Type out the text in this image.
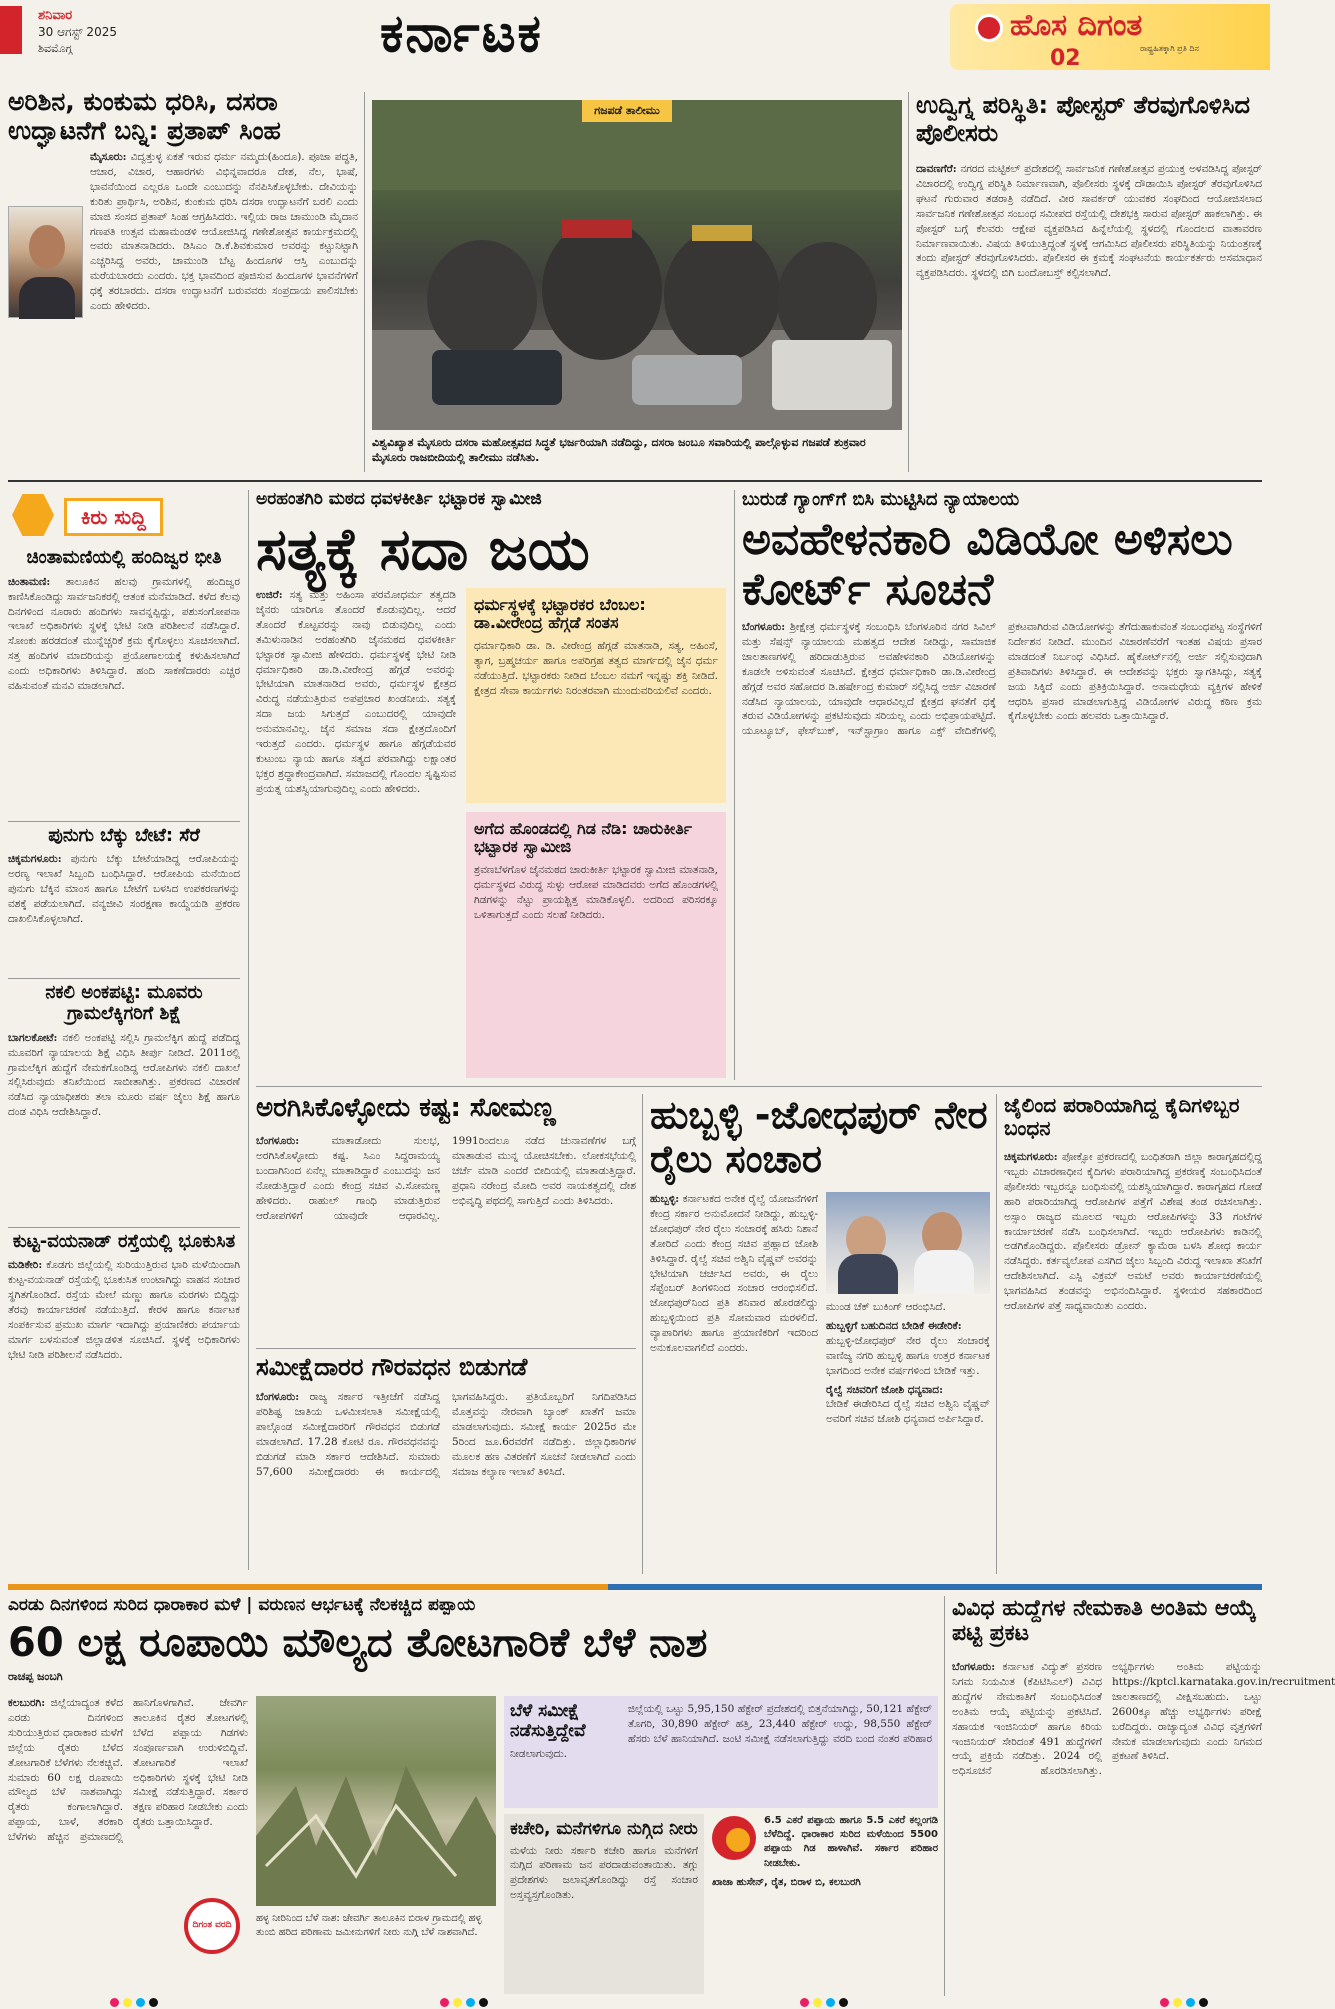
ಶನಿವಾರ
30 ಆಗಸ್ಟ್ 2025
ಶಿವಮೊಗ್ಗ	ಕರ್ನಾಟಕ	ಹೊಸ ದಿಗಂತ
ರಾಷ್ಟ್ರಹಿತಕ್ಕಾಗಿ ಪ್ರತಿ ದಿನ
02
ಅರಿಶಿನ, ಕುಂಕುಮ ಧರಿಸಿ, ದಸರಾ ಉದ್ಘಾಟನೆಗೆ ಬನ್ನಿ: ಪ್ರತಾಪ್ ಸಿಂಹ
ಮೈಸೂರು: ವಿದ್ವತ್ತುಳ್ಳ ಏಕತೆ ಇರುವ ಧರ್ಮ ನಮ್ಮದು(ಹಿಂದೂ). ಪೂಜಾ ಪದ್ಧತಿ, ಆಚಾರ, ವಿಚಾರ, ಆಹಾರಗಳು ವಿಭಿನ್ನವಾದರೂ ದೇಶ, ನೆಲ, ಭಾಷೆ, ಭಾವನೆಯಿಂದ ಎಲ್ಲರೂ ಒಂದೇ ಎಂಬುದನ್ನು ನೆನಪಿಸಿಕೊಳ್ಳಬೇಕು. ದೇವಿಯನ್ನು ಕುರಿತು ಪ್ರಾರ್ಥಿಸಿ, ಅರಿಶಿನ, ಕುಂಕುಮ ಧರಿಸಿ ದಸರಾ ಉದ್ಘಾಟನೆಗೆ ಬರಲಿ ಎಂದು ಮಾಜಿ ಸಂಸದ ಪ್ರತಾಪ್ ಸಿಂಹ ಆಗ್ರಹಿಸಿದರು. ಇಲ್ಲಿಯ ರಾಜ ಚಾಮುಂಡಿ ಮೈದಾನ ಗಣಪತಿ ಉತ್ಸವ ಮಹಾಮಂಡಳಿ ಆಯೋಜಿಸಿದ್ದ ಗಣೇಶೋತ್ಸವ ಕಾರ್ಯಕ್ರಮದಲ್ಲಿ ಅವರು ಮಾತನಾಡಿದರು. ಡಿಸಿಎಂ ಡಿ.ಕೆ.ಶಿವಕುಮಾರ ಅವರನ್ನು ಕಟ್ಟುನಿಟ್ಟಾಗಿ ಎಚ್ಚರಿಸಿದ್ದ ಅವರು, ಚಾಮುಂಡಿ ಬೆಟ್ಟ ಹಿಂದೂಗಳ ಆಸ್ತಿ ಎಂಬುದನ್ನು ಮರೆಯಬಾರದು ಎಂದರು. ಭಕ್ತ ಭಾವದಿಂದ ಪೂಜಿಸುವ ಹಿಂದೂಗಳ ಭಾವನೆಗಳಿಗೆ ಧಕ್ಕೆ ತರಬಾರದು. ದಸರಾ ಉದ್ಘಾಟನೆಗೆ ಬರುವವರು ಸಂಪ್ರದಾಯ ಪಾಲಿಸಬೇಕು ಎಂದು ಹೇಳಿದರು.
ಗಜಪಡೆ ತಾಲೀಮು
ವಿಶ್ವವಿಖ್ಯಾತ ಮೈಸೂರು ದಸರಾ ಮಹೋತ್ಸವದ ಸಿದ್ಧತೆ ಭರ್ಜರಿಯಾಗಿ ನಡೆದಿದ್ದು, ದಸರಾ ಜಂಬೂ ಸವಾರಿಯಲ್ಲಿ ಪಾಲ್ಗೊಳ್ಳುವ ಗಜಪಡೆ ಶುಕ್ರವಾರ ಮೈಸೂರು ರಾಜಬೀದಿಯಲ್ಲಿ ತಾಲೀಮು ನಡೆಸಿತು.
ಉದ್ವಿಗ್ನ ಪರಿಸ್ಥಿತಿ: ಪೋಸ್ಟರ್ ತೆರವುಗೊಳಿಸಿದ ಪೊಲೀಸರು
ದಾವಣಗೆರೆ: ನಗರದ ಮಟ್ಟಿಕಲ್ ಪ್ರದೇಶದಲ್ಲಿ ಸಾರ್ವಜನಿಕ ಗಣೇಶೋತ್ಸವ ಪ್ರಯುಕ್ತ ಅಳವಡಿಸಿದ್ದ ಪೋಸ್ಟರ್ ವಿಚಾರದಲ್ಲಿ ಉದ್ವಿಗ್ನ ಪರಿಸ್ಥಿತಿ ನಿರ್ಮಾಣವಾಗಿ, ಪೊಲೀಸರು ಸ್ಥಳಕ್ಕೆ ದೌಡಾಯಿಸಿ ಪೋಸ್ಟರ್ ತೆರವುಗೊಳಿಸಿದ ಘಟನೆ ಗುರುವಾರ ತಡರಾತ್ರಿ ನಡೆದಿದೆ. ವೀರ ಸಾವರ್ಕರ್ ಯುವಕರ ಸಂಘದಿಂದ ಆಯೋಜಿಸಲಾದ ಸಾರ್ವಜನಿಕ ಗಣೇಶೋತ್ಸವ ಸಂಬಂಧ ಸಮೀಪದ ರಸ್ತೆಯಲ್ಲಿ ದೇಶಭಕ್ತಿ ಸಾರುವ ಪೋಸ್ಟರ್ ಹಾಕಲಾಗಿತ್ತು. ಈ ಪೋಸ್ಟರ್ ಬಗ್ಗೆ ಕೆಲವರು ಆಕ್ಷೇಪ ವ್ಯಕ್ತಪಡಿಸಿದ ಹಿನ್ನೆಲೆಯಲ್ಲಿ ಸ್ಥಳದಲ್ಲಿ ಗೊಂದಲದ ವಾತಾವರಣ ನಿರ್ಮಾಣವಾಯಿತು. ವಿಷಯ ತಿಳಿಯುತ್ತಿದ್ದಂತೆ ಸ್ಥಳಕ್ಕೆ ಆಗಮಿಸಿದ ಪೊಲೀಸರು ಪರಿಸ್ಥಿತಿಯನ್ನು ನಿಯಂತ್ರಣಕ್ಕೆ ತಂದು ಪೋಸ್ಟರ್ ತೆರವುಗೊಳಿಸಿದರು. ಪೊಲೀಸರ ಈ ಕ್ರಮಕ್ಕೆ ಸಂಘಟನೆಯ ಕಾರ್ಯಕರ್ತರು ಅಸಮಾಧಾನ ವ್ಯಕ್ತಪಡಿಸಿದರು. ಸ್ಥಳದಲ್ಲಿ ಬಿಗಿ ಬಂದೋಬಸ್ತ್ ಕಲ್ಪಿಸಲಾಗಿದೆ.
ಕಿರು ಸುದ್ದಿ
ಚಿಂತಾಮಣಿಯಲ್ಲಿ ಹಂದಿಜ್ವರ ಭೀತಿ
ಚಿಂತಾಮಣಿ: ತಾಲೂಕಿನ ಹಲವು ಗ್ರಾಮಗಳಲ್ಲಿ ಹಂದಿಜ್ವರ ಕಾಣಿಸಿಕೊಂಡಿದ್ದು ಸಾರ್ವಜನಿಕರಲ್ಲಿ ಆತಂಕ ಮನೆಮಾಡಿದೆ. ಕಳೆದ ಕೆಲವು ದಿನಗಳಿಂದ ನೂರಾರು ಹಂದಿಗಳು ಸಾವನ್ನಪ್ಪಿದ್ದು, ಪಶುಸಂಗೋಪನಾ ಇಲಾಖೆ ಅಧಿಕಾರಿಗಳು ಸ್ಥಳಕ್ಕೆ ಭೇಟಿ ನೀಡಿ ಪರಿಶೀಲನೆ ನಡೆಸಿದ್ದಾರೆ. ಸೋಂಕು ಹರಡದಂತೆ ಮುನ್ನೆಚ್ಚರಿಕೆ ಕ್ರಮ ಕೈಗೊಳ್ಳಲು ಸೂಚಿಸಲಾಗಿದೆ. ಸತ್ತ ಹಂದಿಗಳ ಮಾದರಿಯನ್ನು ಪ್ರಯೋಗಾಲಯಕ್ಕೆ ಕಳುಹಿಸಲಾಗಿದೆ ಎಂದು ಅಧಿಕಾರಿಗಳು ತಿಳಿಸಿದ್ದಾರೆ. ಹಂದಿ ಸಾಕಣೆದಾರರು ಎಚ್ಚರ ವಹಿಸುವಂತೆ ಮನವಿ ಮಾಡಲಾಗಿದೆ.
ಪುನುಗು ಬೆಕ್ಕು ಬೇಟೆ: ಸೆರೆ
ಚಿಕ್ಕಮಗಳೂರು: ಪುನುಗು ಬೆಕ್ಕು ಬೇಟೆಯಾಡಿದ್ದ ಆರೋಪಿಯನ್ನು ಅರಣ್ಯ ಇಲಾಖೆ ಸಿಬ್ಬಂದಿ ಬಂಧಿಸಿದ್ದಾರೆ. ಆರೋಪಿಯ ಮನೆಯಿಂದ ಪುನುಗು ಬೆಕ್ಕಿನ ಮಾಂಸ ಹಾಗೂ ಬೇಟೆಗೆ ಬಳಸಿದ ಉಪಕರಣಗಳನ್ನು ವಶಕ್ಕೆ ಪಡೆಯಲಾಗಿದೆ. ವನ್ಯಜೀವಿ ಸಂರಕ್ಷಣಾ ಕಾಯ್ದೆಯಡಿ ಪ್ರಕರಣ ದಾಖಲಿಸಿಕೊಳ್ಳಲಾಗಿದೆ.
ನಕಲಿ ಅಂಕಪಟ್ಟಿ: ಮೂವರು ಗ್ರಾಮಲೆಕ್ಕಿಗರಿಗೆ ಶಿಕ್ಷೆ
ಬಾಗಲಕೋಟೆ: ನಕಲಿ ಅಂಕಪಟ್ಟಿ ಸಲ್ಲಿಸಿ ಗ್ರಾಮಲೆಕ್ಕಿಗ ಹುದ್ದೆ ಪಡೆದಿದ್ದ ಮೂವರಿಗೆ ನ್ಯಾಯಾಲಯ ಶಿಕ್ಷೆ ವಿಧಿಸಿ ತೀರ್ಪು ನೀಡಿದೆ. 2011ರಲ್ಲಿ ಗ್ರಾಮಲೆಕ್ಕಿಗ ಹುದ್ದೆಗೆ ನೇಮಕಗೊಂಡಿದ್ದ ಆರೋಪಿಗಳು ನಕಲಿ ದಾಖಲೆ ಸಲ್ಲಿಸಿರುವುದು ತನಿಖೆಯಿಂದ ಸಾಬೀತಾಗಿತ್ತು. ಪ್ರಕರಣದ ವಿಚಾರಣೆ ನಡೆಸಿದ ನ್ಯಾಯಾಧೀಶರು ತಲಾ ಮೂರು ವರ್ಷ ಜೈಲು ಶಿಕ್ಷೆ ಹಾಗೂ ದಂಡ ವಿಧಿಸಿ ಆದೇಶಿಸಿದ್ದಾರೆ.
ಕುಟ್ಟ-ವಯನಾಡ್ ರಸ್ತೆಯಲ್ಲಿ ಭೂಕುಸಿತ
ಮಡಿಕೇರಿ: ಕೊಡಗು ಜಿಲ್ಲೆಯಲ್ಲಿ ಸುರಿಯುತ್ತಿರುವ ಭಾರಿ ಮಳೆಯಿಂದಾಗಿ ಕುಟ್ಟ-ವಯನಾಡ್ ರಸ್ತೆಯಲ್ಲಿ ಭೂಕುಸಿತ ಉಂಟಾಗಿದ್ದು ವಾಹನ ಸಂಚಾರ ಸ್ಥಗಿತಗೊಂಡಿದೆ. ರಸ್ತೆಯ ಮೇಲೆ ಮಣ್ಣು ಹಾಗೂ ಮರಗಳು ಬಿದ್ದಿದ್ದು ತೆರವು ಕಾರ್ಯಾಚರಣೆ ನಡೆಯುತ್ತಿದೆ. ಕೇರಳ ಹಾಗೂ ಕರ್ನಾಟಕ ಸಂಪರ್ಕಿಸುವ ಪ್ರಮುಖ ಮಾರ್ಗ ಇದಾಗಿದ್ದು ಪ್ರಯಾಣಿಕರು ಪರ್ಯಾಯ ಮಾರ್ಗ ಬಳಸುವಂತೆ ಜಿಲ್ಲಾಡಳಿತ ಸೂಚಿಸಿದೆ. ಸ್ಥಳಕ್ಕೆ ಅಧಿಕಾರಿಗಳು ಭೇಟಿ ನೀಡಿ ಪರಿಶೀಲನೆ ನಡೆಸಿದರು.
ಅರಹಂತಗಿರಿ ಮಠದ ಧವಳಕೀರ್ತಿ ಭಟ್ಟಾರಕ ಸ್ವಾಮೀಜಿ
ಸತ್ಯಕ್ಕೆ ಸದಾ ಜಯ
ಉಜಿರೆ: ಸತ್ಯ ಮತ್ತು ಅಹಿಂಸಾ ಪರಮೋಧರ್ಮ ತತ್ವದಡಿ ಜೈನರು ಯಾರಿಗೂ ತೊಂದರೆ ಕೊಡುವುದಿಲ್ಲ. ಆದರೆ ತೊಂದರೆ ಕೊಟ್ಟವರನ್ನು ನಾವು ಬಿಡುವುದಿಲ್ಲ ಎಂದು ತಮಿಳುನಾಡಿನ ಅರಹಂತಗಿರಿ ಜೈನಮಠದ ಧವಳಕೀರ್ತಿ ಭಟ್ಟಾರಕ ಸ್ವಾಮೀಜಿ ಹೇಳಿದರು. ಧರ್ಮಸ್ಥಳಕ್ಕೆ ಭೇಟಿ ನೀಡಿ ಧರ್ಮಾಧಿಕಾರಿ ಡಾ.ಡಿ.ವೀರೇಂದ್ರ ಹೆಗ್ಗಡೆ ಅವರನ್ನು ಭೇಟಿಯಾಗಿ ಮಾತನಾಡಿದ ಅವರು, ಧರ್ಮಸ್ಥಳ ಕ್ಷೇತ್ರದ ವಿರುದ್ಧ ನಡೆಯುತ್ತಿರುವ ಅಪಪ್ರಚಾರ ಖಂಡನೀಯ. ಸತ್ಯಕ್ಕೆ ಸದಾ ಜಯ ಸಿಗುತ್ತದೆ ಎಂಬುದರಲ್ಲಿ ಯಾವುದೇ ಅನುಮಾನವಿಲ್ಲ. ಜೈನ ಸಮಾಜ ಸದಾ ಕ್ಷೇತ್ರದೊಂದಿಗೆ ಇರುತ್ತದೆ ಎಂದರು. ಧರ್ಮಸ್ಥಳ ಹಾಗೂ ಹೆಗ್ಗಡೆಯವರ ಕುಟುಂಬ ನ್ಯಾಯ ಹಾಗೂ ಸತ್ಯದ ಪರವಾಗಿದ್ದು ಲಕ್ಷಾಂತರ ಭಕ್ತರ ಶ್ರದ್ಧಾಕೇಂದ್ರವಾಗಿದೆ. ಸಮಾಜದಲ್ಲಿ ಗೊಂದಲ ಸೃಷ್ಟಿಸುವ ಪ್ರಯತ್ನ ಯಶಸ್ವಿಯಾಗುವುದಿಲ್ಲ ಎಂದು ಹೇಳಿದರು.
ಧರ್ಮಸ್ಥಳಕ್ಕೆ ಭಟ್ಟಾರಕರ ಬೆಂಬಲ: ಡಾ.ವೀರೇಂದ್ರ ಹೆಗ್ಗಡೆ ಸಂತಸ
ಧರ್ಮಾಧಿಕಾರಿ ಡಾ. ಡಿ. ವೀರೇಂದ್ರ ಹೆಗ್ಗಡೆ ಮಾತನಾಡಿ, ಸತ್ಯ, ಅಹಿಂಸೆ, ತ್ಯಾಗ, ಬ್ರಹ್ಮಚರ್ಯ ಹಾಗೂ ಅಪರಿಗ್ರಹ ತತ್ವದ ಮಾರ್ಗದಲ್ಲಿ ಜೈನ ಧರ್ಮ ನಡೆಯುತ್ತಿದೆ. ಭಟ್ಟಾರಕರು ನೀಡಿದ ಬೆಂಬಲ ನಮಗೆ ಇನ್ನಷ್ಟು ಶಕ್ತಿ ನೀಡಿದೆ. ಕ್ಷೇತ್ರದ ಸೇವಾ ಕಾರ್ಯಗಳು ನಿರಂತರವಾಗಿ ಮುಂದುವರಿಯಲಿವೆ ಎಂದರು.
ಅಗೆದ ಹೊಂಡದಲ್ಲಿ ಗಿಡ ನೆಡಿ: ಚಾರುಕೀರ್ತಿ ಭಟ್ಟಾರಕ ಸ್ವಾಮೀಜಿ
ಶ್ರವಣಬೆಳಗೊಳ ಜೈನಮಠದ ಚಾರುಕೀರ್ತಿ ಭಟ್ಟಾರಕ ಸ್ವಾಮೀಜಿ ಮಾತನಾಡಿ, ಧರ್ಮಸ್ಥಳದ ವಿರುದ್ಧ ಸುಳ್ಳು ಆರೋಪ ಮಾಡಿದವರು ಅಗೆದ ಹೊಂಡಗಳಲ್ಲಿ ಗಿಡಗಳನ್ನು ನೆಟ್ಟು ಪ್ರಾಯಶ್ಚಿತ್ತ ಮಾಡಿಕೊಳ್ಳಲಿ. ಅದರಿಂದ ಪರಿಸರಕ್ಕೂ ಒಳಿತಾಗುತ್ತದೆ ಎಂದು ಸಲಹೆ ನೀಡಿದರು.
ಬುರುಡೆ ಗ್ಯಾಂಗ್‌ಗೆ ಬಿಸಿ ಮುಟ್ಟಿಸಿದ ನ್ಯಾಯಾಲಯ
ಅವಹೇಳನಕಾರಿ ವಿಡಿಯೋ ಅಳಿಸಲು ಕೋರ್ಟ್ ಸೂಚನೆ
ಬೆಂಗಳೂರು: ಶ್ರೀಕ್ಷೇತ್ರ ಧರ್ಮಸ್ಥಳಕ್ಕೆ ಸಂಬಂಧಿಸಿ ಬೆಂಗಳೂರಿನ ನಗರ ಸಿವಿಲ್ ಮತ್ತು ಸೆಷನ್ಸ್ ನ್ಯಾಯಾಲಯ ಮಹತ್ವದ ಆದೇಶ ನೀಡಿದ್ದು, ಸಾಮಾಜಿಕ ಜಾಲತಾಣಗಳಲ್ಲಿ ಹರಿದಾಡುತ್ತಿರುವ ಅವಹೇಳನಕಾರಿ ವಿಡಿಯೋಗಳನ್ನು ಕೂಡಲೇ ಅಳಿಸುವಂತೆ ಸೂಚಿಸಿದೆ. ಕ್ಷೇತ್ರದ ಧರ್ಮಾಧಿಕಾರಿ ಡಾ.ಡಿ.ವೀರೇಂದ್ರ ಹೆಗ್ಗಡೆ ಅವರ ಸಹೋದರ ಡಿ.ಹರ್ಷೇಂದ್ರ ಕುಮಾರ್ ಸಲ್ಲಿಸಿದ್ದ ಅರ್ಜಿ ವಿಚಾರಣೆ ನಡೆಸಿದ ನ್ಯಾಯಾಲಯ, ಯಾವುದೇ ಆಧಾರವಿಲ್ಲದೆ ಕ್ಷೇತ್ರದ ಘನತೆಗೆ ಧಕ್ಕೆ ತರುವ ವಿಡಿಯೋಗಳನ್ನು ಪ್ರಕಟಿಸುವುದು ಸರಿಯಲ್ಲ ಎಂದು ಅಭಿಪ್ರಾಯಪಟ್ಟಿದೆ. ಯೂಟ್ಯೂಬ್, ಫೇಸ್‌ಬುಕ್, ಇನ್‌ಸ್ಟಾಗ್ರಾಂ ಹಾಗೂ ಎಕ್ಸ್ ವೇದಿಕೆಗಳಲ್ಲಿ ಪ್ರಕಟವಾಗಿರುವ ವಿಡಿಯೋಗಳನ್ನು ತೆಗೆದುಹಾಕುವಂತೆ ಸಂಬಂಧಪಟ್ಟ ಸಂಸ್ಥೆಗಳಿಗೆ ನಿರ್ದೇಶನ ನೀಡಿದೆ. ಮುಂದಿನ ವಿಚಾರಣೆವರೆಗೆ ಇಂತಹ ವಿಷಯ ಪ್ರಸಾರ ಮಾಡದಂತೆ ನಿರ್ಬಂಧ ವಿಧಿಸಿದೆ. ಹೈಕೋರ್ಟ್‌ನಲ್ಲಿ ಅರ್ಜಿ ಸಲ್ಲಿಸುವುದಾಗಿ ಪ್ರತಿವಾದಿಗಳು ತಿಳಿಸಿದ್ದಾರೆ. ಈ ಆದೇಶವನ್ನು ಭಕ್ತರು ಸ್ವಾಗತಿಸಿದ್ದು, ಸತ್ಯಕ್ಕೆ ಜಯ ಸಿಕ್ಕಿದೆ ಎಂದು ಪ್ರತಿಕ್ರಿಯಿಸಿದ್ದಾರೆ. ಅನಾಮಧೇಯ ವ್ಯಕ್ತಿಗಳ ಹೇಳಿಕೆ ಆಧರಿಸಿ ಪ್ರಸಾರ ಮಾಡಲಾಗುತ್ತಿದ್ದ ವಿಡಿಯೋಗಳ ವಿರುದ್ಧ ಕಠಿಣ ಕ್ರಮ ಕೈಗೊಳ್ಳಬೇಕು ಎಂದು ಹಲವರು ಒತ್ತಾಯಿಸಿದ್ದಾರೆ.
ಅರಗಿಸಿಕೊಳ್ಳೋದು ಕಷ್ಟ: ಸೋಮಣ್ಣ
ಬೆಂಗಳೂರು:	ಮಾತಾಡೋದು ಸುಲಭ, ಅರಗಿಸಿಕೊಳ್ಳೋದು ಕಷ್ಟ. ಸಿಎಂ ಸಿದ್ದರಾಮಯ್ಯ ಬಂದಾಗಿನಿಂದ ಏನೆಲ್ಲ ಮಾತಾಡಿದ್ದಾರೆ ಎಂಬುದನ್ನು ಜನ ನೋಡುತ್ತಿದ್ದಾರೆ ಎಂದು ಕೇಂದ್ರ ಸಚಿವ ವಿ.ಸೋಮಣ್ಣ ಹೇಳಿದರು. ರಾಹುಲ್ ಗಾಂಧಿ ಮಾಡುತ್ತಿರುವ ಆರೋಪಗಳಿಗೆ ಯಾವುದೇ ಆಧಾರವಿಲ್ಲ. 1991ರಿಂದಲೂ ನಡೆದ ಚುನಾವಣೆಗಳ ಬಗ್ಗೆ ಮಾತಾಡುವ ಮುನ್ನ ಯೋಚಿಸಬೇಕು. ಲೋಕಸಭೆಯಲ್ಲಿ ಚರ್ಚೆ ಮಾಡಿ ಎಂದರೆ ಬೀದಿಯಲ್ಲಿ ಮಾತಾಡುತ್ತಿದ್ದಾರೆ. ಪ್ರಧಾನಿ ನರೇಂದ್ರ ಮೋದಿ ಅವರ ನಾಯಕತ್ವದಲ್ಲಿ ದೇಶ ಅಭಿವೃದ್ಧಿ ಪಥದಲ್ಲಿ ಸಾಗುತ್ತಿದೆ ಎಂದು ತಿಳಿಸಿದರು.
ಸಮೀಕ್ಷೆದಾರರ ಗೌರವಧನ ಬಿಡುಗಡೆ
ಬೆಂಗಳೂರು: ರಾಜ್ಯ ಸರ್ಕಾರ ಇತ್ತೀಚೆಗೆ ನಡೆಸಿದ್ದ ಪರಿಶಿಷ್ಟ ಜಾತಿಯ ಒಳಮೀಸಲಾತಿ ಸಮೀಕ್ಷೆಯಲ್ಲಿ ಪಾಲ್ಗೊಂಡ ಸಮೀಕ್ಷೆದಾರರಿಗೆ ಗೌರವಧನ ಬಿಡುಗಡೆ ಮಾಡಲಾಗಿದೆ. 17.28 ಕೋಟಿ ರೂ. ಗೌರವಧನವನ್ನು ಬಿಡುಗಡೆ ಮಾಡಿ ಸರ್ಕಾರ ಆದೇಶಿಸಿದೆ. ಸುಮಾರು 57,600 ಸಮೀಕ್ಷೆದಾರರು ಈ ಕಾರ್ಯದಲ್ಲಿ ಭಾಗವಹಿಸಿದ್ದರು. ಪ್ರತಿಯೊಬ್ಬರಿಗೆ ನಿಗದಿಪಡಿಸಿದ ಮೊತ್ತವನ್ನು ನೇರವಾಗಿ ಬ್ಯಾಂಕ್ ಖಾತೆಗೆ ಜಮಾ ಮಾಡಲಾಗುವುದು. ಸಮೀಕ್ಷೆ ಕಾರ್ಯ 2025ರ ಮೇ 5ರಿಂದ ಜೂ.6ರವರೆಗೆ ನಡೆದಿತ್ತು. ಜಿಲ್ಲಾಧಿಕಾರಿಗಳ ಮೂಲಕ ಹಣ ವಿತರಣೆಗೆ ಸೂಚನೆ ನೀಡಲಾಗಿದೆ ಎಂದು ಸಮಾಜ ಕಲ್ಯಾಣ ಇಲಾಖೆ ತಿಳಿಸಿದೆ.
ಹುಬ್ಬಳ್ಳಿ -ಜೋಧಪುರ್ ನೇರ ರೈಲು ಸಂಚಾರ
ಹುಬ್ಬಳ್ಳಿ: ಕರ್ನಾಟಕದ ಅನೇಕ ರೈಲ್ವೆ ಯೋಜನೆಗಳಿಗೆ ಕೇಂದ್ರ ಸರ್ಕಾರ ಅನುಮೋದನೆ ನೀಡಿದ್ದು, ಹುಬ್ಬಳ್ಳಿ-ಜೋಧಪುರ್ ನೇರ ರೈಲು ಸಂಚಾರಕ್ಕೆ ಹಸಿರು ನಿಶಾನೆ ತೋರಿದೆ ಎಂದು ಕೇಂದ್ರ ಸಚಿವ ಪ್ರಹ್ಲಾದ ಜೋಶಿ ತಿಳಿಸಿದ್ದಾರೆ. ರೈಲ್ವೆ ಸಚಿವ ಅಶ್ವಿನಿ ವೈಷ್ಣವ್ ಅವರನ್ನು ಭೇಟಿಯಾಗಿ ಚರ್ಚಿಸಿದ ಅವರು, ಈ ರೈಲು ಸೆಪ್ಟೆಂಬರ್ ತಿಂಗಳಿನಿಂದ ಸಂಚಾರ ಆರಂಭಿಸಲಿದೆ. ಜೋಧಪುರ್‌ನಿಂದ ಪ್ರತಿ ಶನಿವಾರ ಹೊರಡಲಿದ್ದು ಹುಬ್ಬಳ್ಳಿಯಿಂದ ಪ್ರತಿ ಸೋಮವಾರ ಮರಳಲಿದೆ. ವ್ಯಾಪಾರಿಗಳು ಹಾಗೂ ಪ್ರಯಾಣಿಕರಿಗೆ ಇದರಿಂದ ಅನುಕೂಲವಾಗಲಿದೆ ಎಂದರು.
ಮುಂಡ ಚೆಕ್ ಬುಕಿಂಗ್ ಆರಂಭಿಸಿದೆ.
ಹುಬ್ಬಳ್ಳಿಗೆ ಬಹುದಿನದ ಬೇಡಿಕೆ ಈಡೇರಿಕೆ:
ಹುಬ್ಬಳ್ಳಿ-ಜೋಧಪುರ್ ನೇರ ರೈಲು ಸಂಚಾರಕ್ಕೆ ವಾಣಿಜ್ಯ ನಗರಿ ಹುಬ್ಬಳ್ಳಿ ಹಾಗೂ ಉತ್ತರ ಕರ್ನಾಟಕ ಭಾಗದಿಂದ ಅನೇಕ ವರ್ಷಗಳಿಂದ ಬೇಡಿಕೆ ಇತ್ತು.
ರೈಲ್ವೆ ಸಚಿವರಿಗೆ ಜೋಶಿ ಧನ್ಯವಾದ:
ಬೇಡಿಕೆ ಈಡೇರಿಸಿದ ರೈಲ್ವೆ ಸಚಿವ ಅಶ್ವಿನಿ ವೈಷ್ಣವ್ ಅವರಿಗೆ ಸಚಿವ ಜೋಶಿ ಧನ್ಯವಾದ ಅರ್ಪಿಸಿದ್ದಾರೆ.
ಜೈಲಿಂದ ಪರಾರಿಯಾಗಿದ್ದ ಕೈದಿಗಳಿಬ್ಬರ ಬಂಧನ
ಚಿಕ್ಕಮಗಳೂರು: ಪೋಕ್ಸೋ ಪ್ರಕರಣದಲ್ಲಿ ಬಂಧಿತರಾಗಿ ಜಿಲ್ಲಾ ಕಾರಾಗೃಹದಲ್ಲಿದ್ದ ಇಬ್ಬರು ವಿಚಾರಣಾಧೀನ ಕೈದಿಗಳು ಪರಾರಿಯಾಗಿದ್ದ ಪ್ರಕರಣಕ್ಕೆ ಸಂಬಂಧಿಸಿದಂತೆ ಪೊಲೀಸರು ಇಬ್ಬರನ್ನೂ ಬಂಧಿಸುವಲ್ಲಿ ಯಶಸ್ವಿಯಾಗಿದ್ದಾರೆ. ಕಾರಾಗೃಹದ ಗೋಡೆ ಹಾರಿ ಪರಾರಿಯಾಗಿದ್ದ ಆರೋಪಿಗಳ ಪತ್ತೆಗೆ ವಿಶೇಷ ತಂಡ ರಚಿಸಲಾಗಿತ್ತು. ಅಸ್ಸಾಂ ರಾಜ್ಯದ ಮೂಲದ ಇಬ್ಬರು ಆರೋಪಿಗಳನ್ನು 33 ಗಂಟೆಗಳ ಕಾರ್ಯಾಚರಣೆ ನಡೆಸಿ ಬಂಧಿಸಲಾಗಿದೆ. ಇಬ್ಬರು ಆರೋಪಿಗಳು ಕಾಡಿನಲ್ಲಿ ಅಡಗಿಕೊಂಡಿದ್ದರು. ಪೊಲೀಸರು ಡ್ರೋನ್ ಕ್ಯಾಮೆರಾ ಬಳಸಿ ಶೋಧ ಕಾರ್ಯ ನಡೆಸಿದ್ದರು. ಕರ್ತವ್ಯಲೋಪ ಎಸಗಿದ ಜೈಲು ಸಿಬ್ಬಂದಿ ವಿರುದ್ಧ ಇಲಾಖಾ ತನಿಖೆಗೆ ಆದೇಶಿಸಲಾಗಿದೆ. ಎಸ್ಪಿ ವಿಕ್ರಮ್ ಅಮಟೆ ಅವರು ಕಾರ್ಯಾಚರಣೆಯಲ್ಲಿ ಭಾಗವಹಿಸಿದ ತಂಡವನ್ನು ಅಭಿನಂದಿಸಿದ್ದಾರೆ. ಸ್ಥಳೀಯರ ಸಹಕಾರದಿಂದ ಆರೋಪಿಗಳ ಪತ್ತೆ ಸಾಧ್ಯವಾಯಿತು ಎಂದರು.
ಎರಡು ದಿನಗಳಿಂದ ಸುರಿದ ಧಾರಾಕಾರ ಮಳೆ | ವರುಣನ ಆರ್ಭಟಕ್ಕೆ ನೆಲಕಚ್ಚಿದ ಪಪ್ಪಾಯ
60 ಲಕ್ಷ ರೂಪಾಯಿ ಮೌಲ್ಯದ ತೋಟಗಾರಿಕೆ ಬೆಳೆ ನಾಶ
ರಾಚಪ್ಪ ಜಂಬಗಿ
ಕಲಬುರಗಿ: ಜಿಲ್ಲೆಯಾದ್ಯಂತ ಕಳೆದ ಎರಡು ದಿನಗಳಿಂದ ಸುರಿಯುತ್ತಿರುವ ಧಾರಾಕಾರ ಮಳೆಗೆ ಜಿಲ್ಲೆಯ ರೈತರು ಬೆಳೆದ ತೋಟಗಾರಿಕೆ ಬೆಳೆಗಳು ನೆಲಕಚ್ಚಿವೆ. ಸುಮಾರು 60 ಲಕ್ಷ ರೂಪಾಯಿ ಮೌಲ್ಯದ ಬೆಳೆ ನಾಶವಾಗಿದ್ದು ರೈತರು ಕಂಗಾಲಾಗಿದ್ದಾರೆ. ಪಪ್ಪಾಯ, ಬಾಳೆ, ತರಕಾರಿ ಬೆಳೆಗಳು ಹೆಚ್ಚಿನ ಪ್ರಮಾಣದಲ್ಲಿ ಹಾನಿಗೊಳಗಾಗಿವೆ. ಜೇವರ್ಗಿ ತಾಲೂಕಿನ ರೈತರ ತೋಟಗಳಲ್ಲಿ ಬೆಳೆದ ಪಪ್ಪಾಯ ಗಿಡಗಳು ಸಂಪೂರ್ಣವಾಗಿ ಉರುಳಿಬಿದ್ದಿವೆ. ತೋಟಗಾರಿಕೆ ಇಲಾಖೆ ಅಧಿಕಾರಿಗಳು ಸ್ಥಳಕ್ಕೆ ಭೇಟಿ ನೀಡಿ ಸಮೀಕ್ಷೆ ನಡೆಸುತ್ತಿದ್ದಾರೆ. ಸರ್ಕಾರ ತಕ್ಷಣ ಪರಿಹಾರ ನೀಡಬೇಕು ಎಂದು ರೈತರು ಒತ್ತಾಯಿಸಿದ್ದಾರೆ.
ದಿಗಂತ ವರದಿ
ಹಳ್ಳ ನೀರಿನಿಂದ ಬೆಳೆ ನಾಶ: ಜೇವರ್ಗಿ ತಾಲೂಕಿನ ಬಿರಾಳ ಗ್ರಾಮದಲ್ಲಿ ಹಳ್ಳ ತುಂಬಿ ಹರಿದ ಪರಿಣಾಮ ಜಮೀನುಗಳಿಗೆ ನೀರು ನುಗ್ಗಿ ಬೆಳೆ ನಾಶವಾಗಿದೆ.
ಬೆಳೆ ಸಮೀಕ್ಷೆ ನಡೆಸುತ್ತಿದ್ದೇವೆ
ಜಿಲ್ಲೆಯಲ್ಲಿ ಒಟ್ಟು 5,95,150 ಹೆಕ್ಟೇರ್ ಪ್ರದೇಶದಲ್ಲಿ ಬಿತ್ತನೆಯಾಗಿದ್ದು, 50,121 ಹೆಕ್ಟೇರ್ ತೊಗರಿ, 30,890 ಹೆಕ್ಟೇರ್ ಹತ್ತಿ, 23,440 ಹೆಕ್ಟೇರ್ ಉದ್ದು, 98,550 ಹೆಕ್ಟೇರ್ ಹೆಸರು ಬೆಳೆ ಹಾನಿಯಾಗಿದೆ. ಜಂಟಿ ಸಮೀಕ್ಷೆ ನಡೆಸಲಾಗುತ್ತಿದ್ದು ವರದಿ ಬಂದ ನಂತರ ಪರಿಹಾರ ನೀಡಲಾಗುವುದು.
ಕಚೇರಿ, ಮನೆಗಳಿಗೂ ನುಗ್ಗಿದ ನೀರು
ಮಳೆಯ ನೀರು ಸರ್ಕಾರಿ ಕಚೇರಿ ಹಾಗೂ ಮನೆಗಳಿಗೆ ನುಗ್ಗಿದ ಪರಿಣಾಮ ಜನ ಪರದಾಡುವಂತಾಯಿತು. ತಗ್ಗು ಪ್ರದೇಶಗಳು ಜಲಾವೃತಗೊಂಡಿದ್ದು ರಸ್ತೆ ಸಂಚಾರ ಅಸ್ತವ್ಯಸ್ತಗೊಂಡಿತು.
6.5 ಎಕರೆ ಪಪ್ಪಾಯ ಹಾಗೂ 5.5 ಎಕರೆ ಕಲ್ಲಂಗಡಿ ಬೆಳೆದಿದ್ದೆ. ಧಾರಾಕಾರ ಸುರಿದ ಮಳೆಯಿಂದ 5500 ಪಪ್ಪಾಯ ಗಿಡ ಹಾಳಾಗಿವೆ. ಸರ್ಕಾರ ಪರಿಹಾರ ನೀಡಬೇಕು.
ಖಾಜಾ ಹುಸೇನ್, ರೈತ, ಬಿರಾಳ ಬಿ, ಕಲಬುರಗಿ
ವಿವಿಧ ಹುದ್ದೆಗಳ ನೇಮಕಾತಿ ಅಂತಿಮ ಆಯ್ಕೆ ಪಟ್ಟಿ ಪ್ರಕಟ
ಬೆಂಗಳೂರು: ಕರ್ನಾಟಕ ವಿದ್ಯುತ್ ಪ್ರಸರಣ ನಿಗಮ ನಿಯಮಿತ (ಕೆಪಿಟಿಸಿಎಲ್) ವಿವಿಧ ಹುದ್ದೆಗಳ ನೇಮಕಾತಿಗೆ ಸಂಬಂಧಿಸಿದಂತೆ ಅಂತಿಮ ಆಯ್ಕೆ ಪಟ್ಟಿಯನ್ನು ಪ್ರಕಟಿಸಿದೆ. ಸಹಾಯಕ ಇಂಜಿನಿಯರ್ ಹಾಗೂ ಕಿರಿಯ ಇಂಜಿನಿಯರ್ ಸೇರಿದಂತೆ 491 ಹುದ್ದೆಗಳಿಗೆ ಆಯ್ಕೆ ಪ್ರಕ್ರಿಯೆ ನಡೆದಿತ್ತು. 2024 ರಲ್ಲಿ ಅಧಿಸೂಚನೆ ಹೊರಡಿಸಲಾಗಿತ್ತು. ಅಭ್ಯರ್ಥಿಗಳು ಅಂತಿಮ ಪಟ್ಟಿಯನ್ನು https://kptcl.karnataka.gov.in/recruitment ಜಾಲತಾಣದಲ್ಲಿ ವೀಕ್ಷಿಸಬಹುದು. ಒಟ್ಟು 2600ಕ್ಕೂ ಹೆಚ್ಚು ಅಭ್ಯರ್ಥಿಗಳು ಪರೀಕ್ಷೆ ಬರೆದಿದ್ದರು. ರಾಜ್ಯಾದ್ಯಂತ ವಿವಿಧ ವೃತ್ತಗಳಿಗೆ ನೇಮಕ ಮಾಡಲಾಗುವುದು ಎಂದು ನಿಗಮದ ಪ್ರಕಟಣೆ ತಿಳಿಸಿದೆ.
